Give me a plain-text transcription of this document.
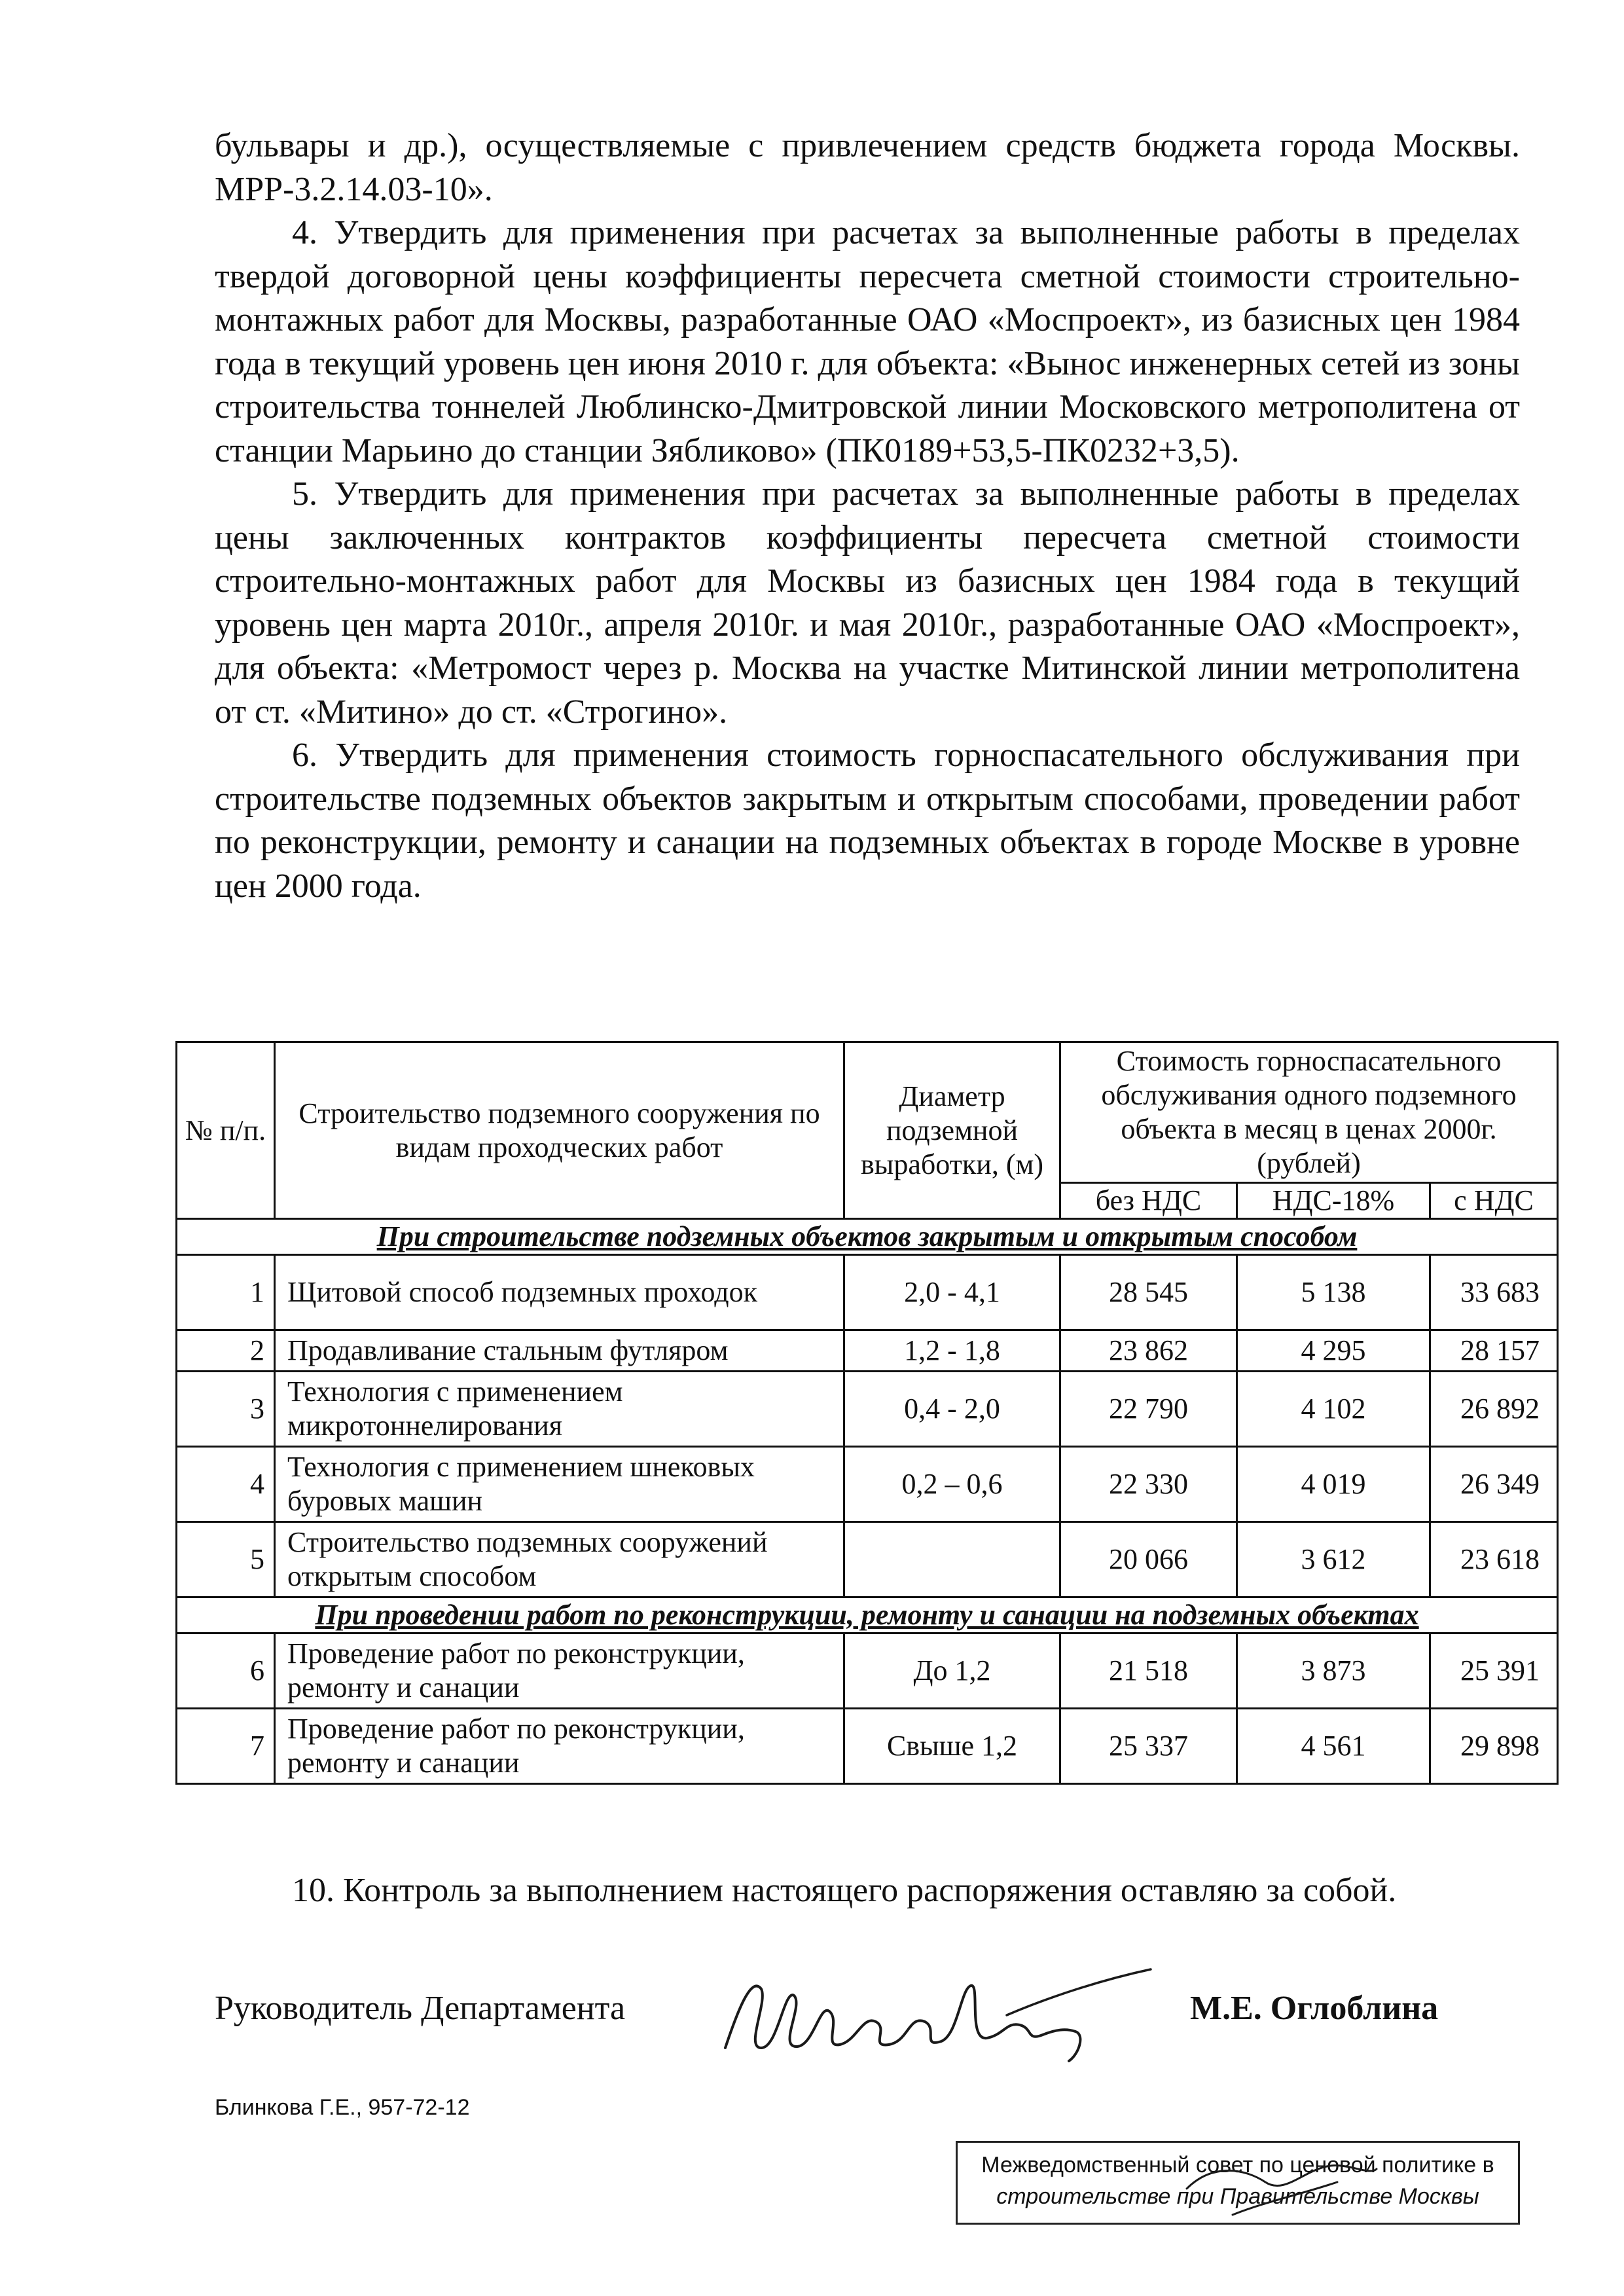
бульвары и др.), осуществляемые с привлечением средств бюджета города Москвы. МРР-3.2.14.03-10».

4. Утвердить для применения при расчетах за выполненные работы в пределах твердой договорной цены коэффициенты пересчета сметной стоимости строительно-монтажных работ для Москвы, разработанные ОАО «Моспроект», из базисных цен 1984 года в текущий уровень цен июня 2010 г. для объекта: «Вынос инженерных сетей из зоны строительства тоннелей Люблинско-Дмитровской линии Московского метрополитена от станции Марьино до станции Зябликово» (ПК0189+53,5-ПК0232+3,5).

5. Утвердить для применения при расчетах за выполненные работы в пределах цены заключенных контрактов коэффициенты пересчета сметной стоимости строительно-монтажных работ для Москвы из базисных цен 1984 года в текущий уровень цен марта 2010г., апреля 2010г. и мая 2010г., разработанные ОАО «Моспроект», для объекта: «Метромост через р. Москва на участке Митинской линии метрополитена от ст. «Митино» до ст. «Строгино».

6. Утвердить для применения стоимость горноспасательного обслуживания при строительстве подземных объектов закрытым и открытым способами, проведении работ по реконструкции, ремонту и санации на подземных объектах в городе Москве в уровне цен 2000 года.

№ п/п.	Строительство подземного сооружения по видам проходческих работ	Диаметр подземной выработки, (м)	Стоимость горноспасательного обслуживания одного подземного объекта в месяц в ценах 2000г. (рублей)		
			без НДС	НДС-18%	с НДС
При строительстве подземных объектов закрытым и открытым способом					
1	Щитовой способ подземных проходок	2,0 - 4,1	28 545	5 138	33 683
2	Продавливание стальным футляром	1,2 - 1,8	23 862	4 295	28 157
3	Технология с применением микротоннелирования	0,4 - 2,0	22 790	4 102	26 892
4	Технология с применением шнековых буровых машин	0,2 – 0,6	22 330	4 019	26 349
5	Строительство подземных сооружений открытым способом		20 066	3 612	23 618
При проведении работ по реконструкции, ремонту и санации на подземных объектах					
6	Проведение работ по реконструкции, ремонту и санации	До 1,2	21 518	3 873	25 391
7	Проведение работ по реконструкции, ремонту и санации	Свыше 1,2	25 337	4 561	29 898

10. Контроль за выполнением настоящего распоряжения оставляю за собой.

Руководитель Департамента	М.Е. Оглоблина
Блинкова Г.Е., 957-72-12
Межведомственный совет по ценовой политике в
строительстве при Правительстве Москвы
